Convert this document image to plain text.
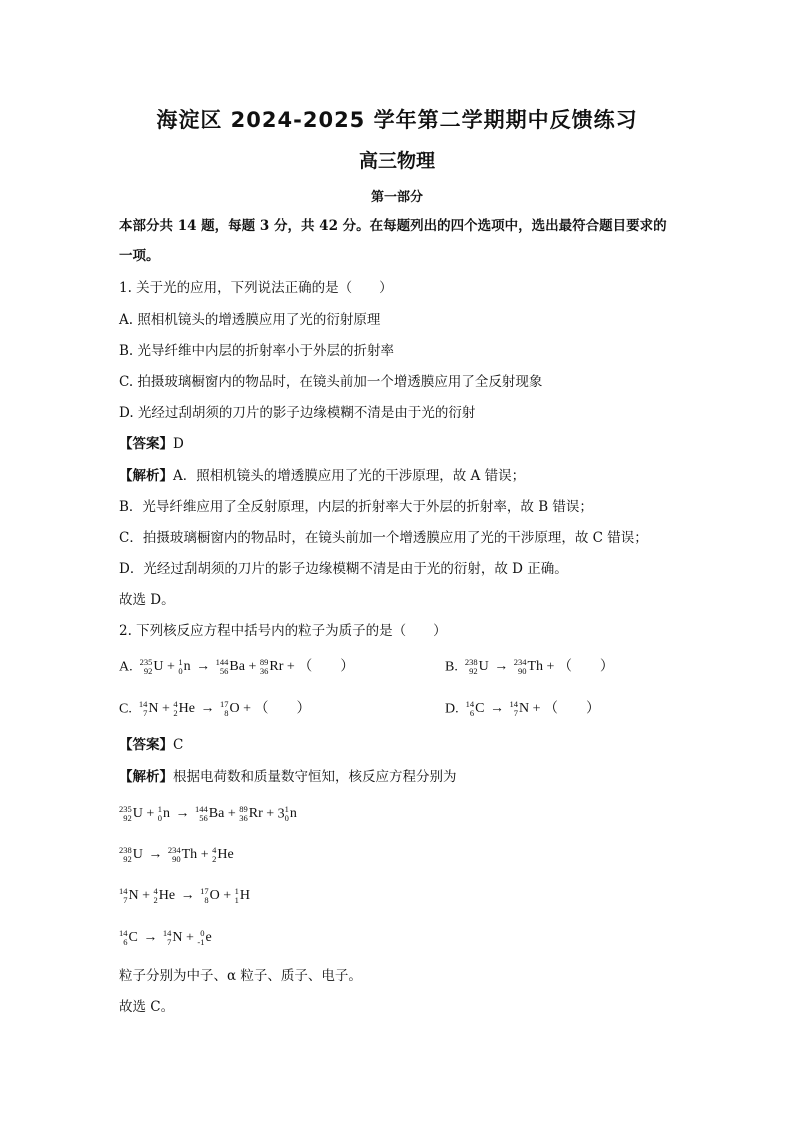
海淀区 2024-2025 学年第二学期期中反馈练习
高三物理
第一部分
本部分共 14 题，每题 3 分，共 42 分。在每题列出的四个选项中，选出最符合题目要求的
一项。
1. 关于光的应用，下列说法正确的是（　　）
A. 照相机镜头的增透膜应用了光的衍射原理
B. 光导纤维中内层的折射率小于外层的折射率
C. 拍摄玻璃橱窗内的物品时，在镜头前加一个增透膜应用了全反射现象
D. 光经过刮胡须的刀片的影子边缘模糊不清是由于光的衍射
【答案】D
【解析】A．照相机镜头的增透膜应用了光的干涉原理，故 A 错误；
B．光导纤维应用了全反射原理，内层的折射率大于外层的折射率，故 B 错误；
C．拍摄玻璃橱窗内的物品时，在镜头前加一个增透膜应用了光的干涉原理，故 C 错误；
D．光经过刮胡须的刀片的影子边缘模糊不清是由于光的衍射，故 D 正确。
故选 D。
2. 下列核反应方程中括号内的粒子为质子的是（　　）
A. 235
92 U + 1
0 n → 144
56 Ba + 89
36 Rr + （　　）	B. 238
92 U → 234
90 Th + （　　）
C. 14
7 N + 4
2 He → 17
8 O + （　　）	D. 14
6 C → 14
7 N + （　　）
【答案】C
【解析】根据电荷数和质量数守恒知，核反应方程分别为
235
92 U + 1
0 n → 144
56 Ba + 89
36 Rr + 3 1
0 n
238
92 U → 234
90 Th + 4
2 He
14
7 N + 4
2 He → 17
8 O + 1
1 H
14
6 C → 14
7 N + 0
-1 e
粒子分别为中子、α 粒子、质子、电子。
故选 C。
